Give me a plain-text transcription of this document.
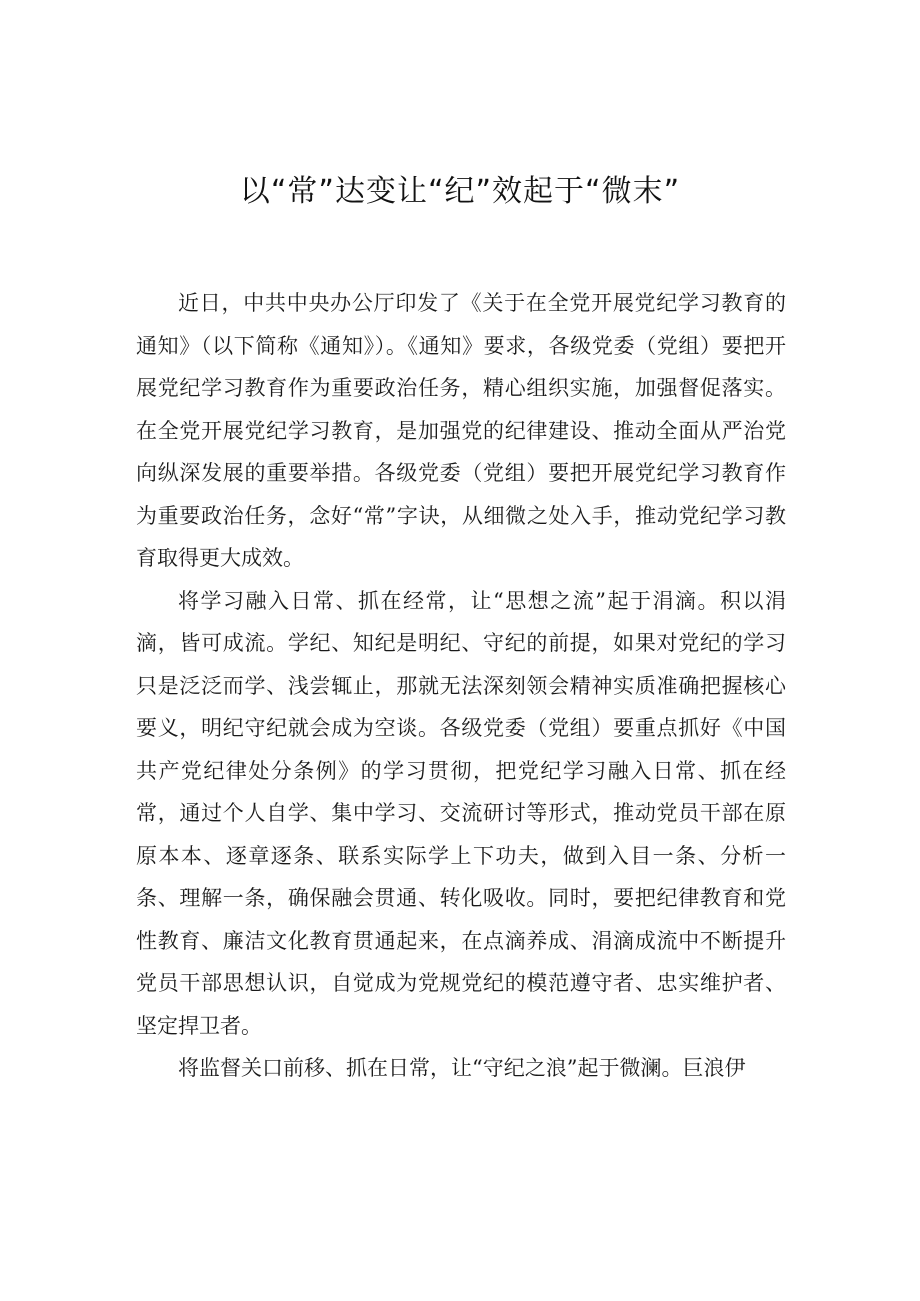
以“常”达变让“纪”效起于“微末”

近日，中共中央办公厅印发了《关于在全党开展党纪学习教育的通知》（以下简称《通知》）。《通知》要求，各级党委（党组）要把开展党纪学习教育作为重要政治任务，精心组织实施，加强督促落实。在全党开展党纪学习教育，是加强党的纪律建设、推动全面从严治党向纵深发展的重要举措。各级党委（党组）要把开展党纪学习教育作为重要政治任务，念好“常”字诀，从细微之处入手，推动党纪学习教育取得更大成效。

将学习融入日常、抓在经常，让“思想之流”起于涓滴。积以涓滴，皆可成流。学纪、知纪是明纪、守纪的前提，如果对党纪的学习只是泛泛而学、浅尝辄止，那就无法深刻领会精神实质准确把握核心要义，明纪守纪就会成为空谈。各级党委（党组）要重点抓好《中国共产党纪律处分条例》的学习贯彻，把党纪学习融入日常、抓在经常，通过个人自学、集中学习、交流研讨等形式，推动党员干部在原原本本、逐章逐条、联系实际学上下功夫，做到入目一条、分析一条、理解一条，确保融会贯通、转化吸收。同时，要把纪律教育和党性教育、廉洁文化教育贯通起来，在点滴养成、涓滴成流中不断提升党员干部思想认识，自觉成为党规党纪的模范遵守者、忠实维护者、坚定捍卫者。

将监督关口前移、抓在日常，让“守纪之浪”起于微澜。巨浪伊
